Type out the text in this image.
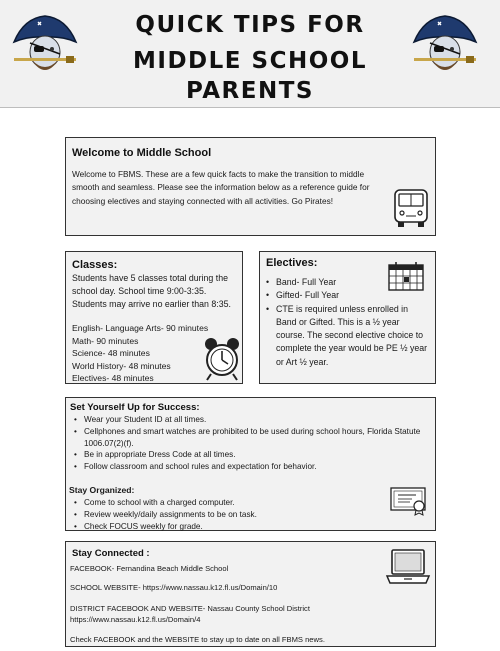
QUICK TIPS FOR
MIDDLE SCHOOL PARENTS
Welcome to Middle School
Welcome to FBMS. These are a few quick facts to make the transition to middle smooth and seamless. Please see the information below as a reference guide for choosing electives and staying connected with all activities. Go Pirates!
Classes:
Students have 5 classes total during the school day. School time 9:00-3:35. Students may arrive no earlier than 8:35.
English- Language Arts- 90 minutes
Math- 90 minutes
Science- 48 minutes
World History- 48 minutes
Electives- 48 minutes
Electives:
• Band- Full Year
• Gifted- Full Year
• CTE is required unless enrolled in Band or Gifted. This is a ½ year course. The second elective choice to complete the year would be PE ½ year or Art ½ year.
Set Yourself Up for Success:
• Wear your Student ID at all times.
• Cellphones and smart watches are prohibited to be used during school hours, Florida Statute 1006.07(2)(f).
• Be in appropriate Dress Code at all times.
• Follow classroom and school rules and expectation for behavior.
Stay Organized:
• Come to school with a charged computer.
• Review weekly/daily assignments to be on task.
• Check FOCUS weekly for grade.
Stay Connected :
FACEBOOK- Fernandina Beach Middle School
SCHOOL WEBSITE- https://www.nassau.k12.fl.us/Domain/10
DISTRICT FACEBOOK AND WEBSITE- Nassau County School District https://www.nassau.k12.fl.us/Domain/4
Check FACEBOOK and the WEBSITE to stay up to date on all FBMS news.
